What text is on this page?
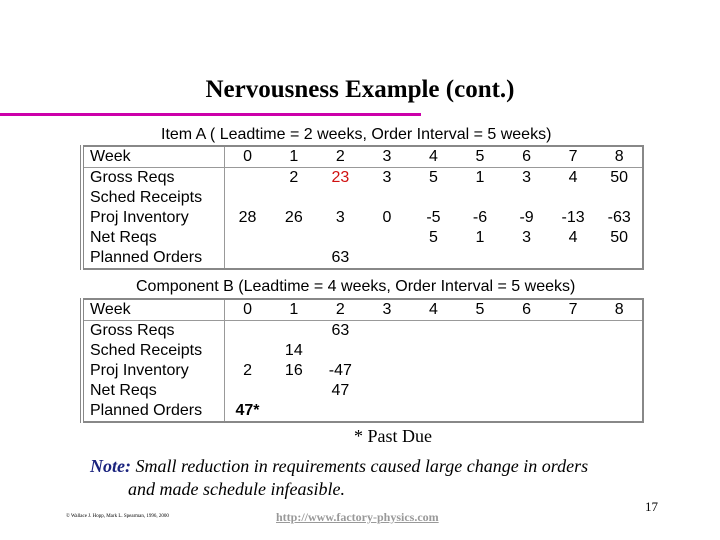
Nervousness Example (cont.)
Item A ( Leadtime = 2 weeks, Order Interval = 5 weeks)
Week	0	1	2	3	4	5	6	7	8
Gross Reqs		2	23	3	5	1	3	4	50
Sched Receipts									
Proj Inventory	28	26	3	0	-5	-6	-9	-13	-63
Net Reqs					5	1	3	4	50
Planned Orders			63						
Component B (Leadtime = 4 weeks, Order Interval = 5 weeks)
Week	0	1	2	3	4	5	6	7	8
Gross Reqs			63						
Sched Receipts		14							
Proj Inventory	2	16	-47						
Net Reqs			47						
Planned Orders	47*								
* Past Due
Note: Small reduction in requirements caused large change in orders
and made schedule infeasible.
17
© Wallace J. Hopp, Mark L. Spearman, 1996, 2000	http://www.factory-physics.com
